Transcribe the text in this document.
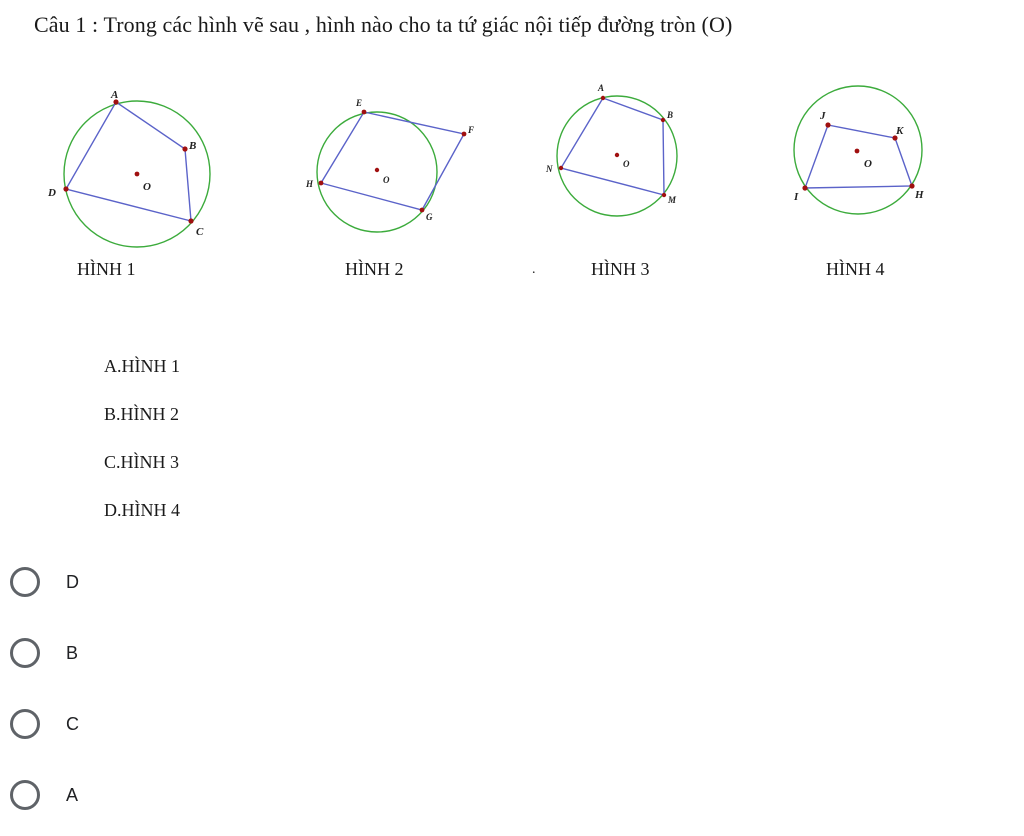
Câu 1 : Trong các hình vẽ sau , hình nào cho ta tứ giác nội tiếp đường tròn (O)
A
B
C
D	O
HÌNH 1
E
F
G
H	O
HÌNH 2	.
A
B
M
N	O
HÌNH 3
J
K
H
I
O
HÌNH 4
A.HÌNH 1
B.HÌNH 2
C.HÌNH 3
D.HÌNH 4
D
B
C
A
